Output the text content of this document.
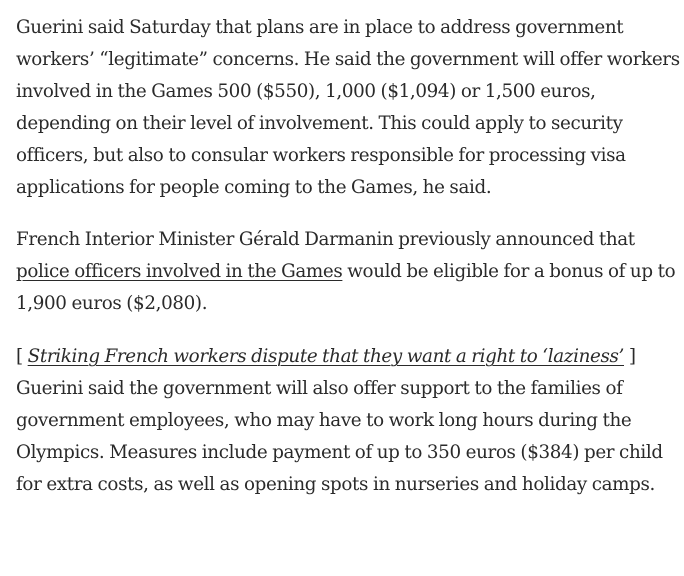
Guerini said Saturday that plans are in place to address government workers’ “legitimate” concerns. He said the government will offer workers involved in the Games 500 ($550), 1,000 ($1,094) or 1,500 euros, depending on their level of involvement. This could apply to security officers, but also to consular workers responsible for processing visa applications for people coming to the Games, he said.

French Interior Minister Gérald Darmanin previously announced that police officers involved in the Games would be eligible for a bonus of up to 1,900 euros ($2,080).

[ Striking French workers dispute that they want a right to ‘laziness’ ]

Guerini said the government will also offer support to the families of government employees, who may have to work long hours during the Olympics. Measures include payment of up to 350 euros ($384) per child for extra costs, as well as opening spots in nurseries and holiday camps.
